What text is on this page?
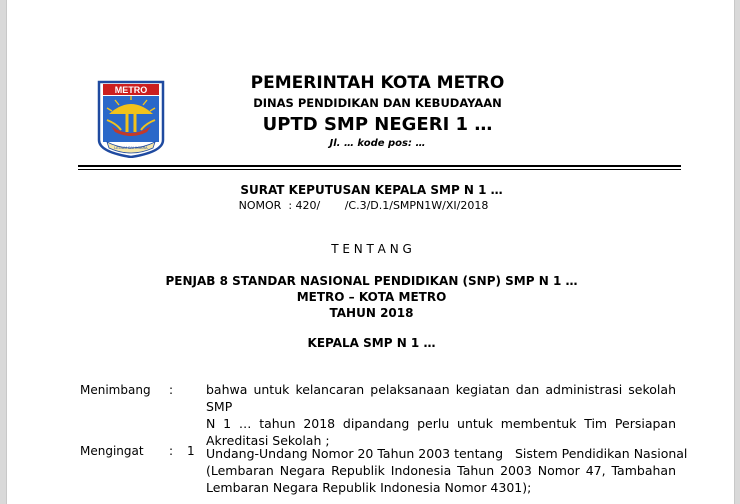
METRO
LEGUM BAI KOBRA
PEMERINTAH KOTA METRO
DINAS PENDIDIKAN DAN KEBUDAYAAN
UPTD SMP NEGERI 1 …
Jl. … kode pos: …
SURAT KEPUTUSAN KEPALA SMP N 1 …
NOMOR  : 420/       /C.3/D.1/SMPN1W/XI/2018
T E N T A N G
PENJAB 8 STANDAR NASIONAL PENDIDIKAN (SNP) SMP N 1 …
METRO – KOTA METRO
TAHUN 2018
KEPALA SMP N 1 …
Menimbang :	bahwa untuk kelancaran pelaksanaan kegiatan dan administrasi sekolah SMP
N 1 … tahun 2018 dipandang perlu untuk membentuk Tim Persiapan
Akreditasi Sekolah ;
Mengingat : 1 Undang-Undang Nomor 20 Tahun 2003 tentang   Sistem Pendidikan Nasional
(Lembaran Negara Republik Indonesia Tahun 2003 Nomor 47, Tambahan
Lembaran Negara Republik Indonesia Nomor 4301);
